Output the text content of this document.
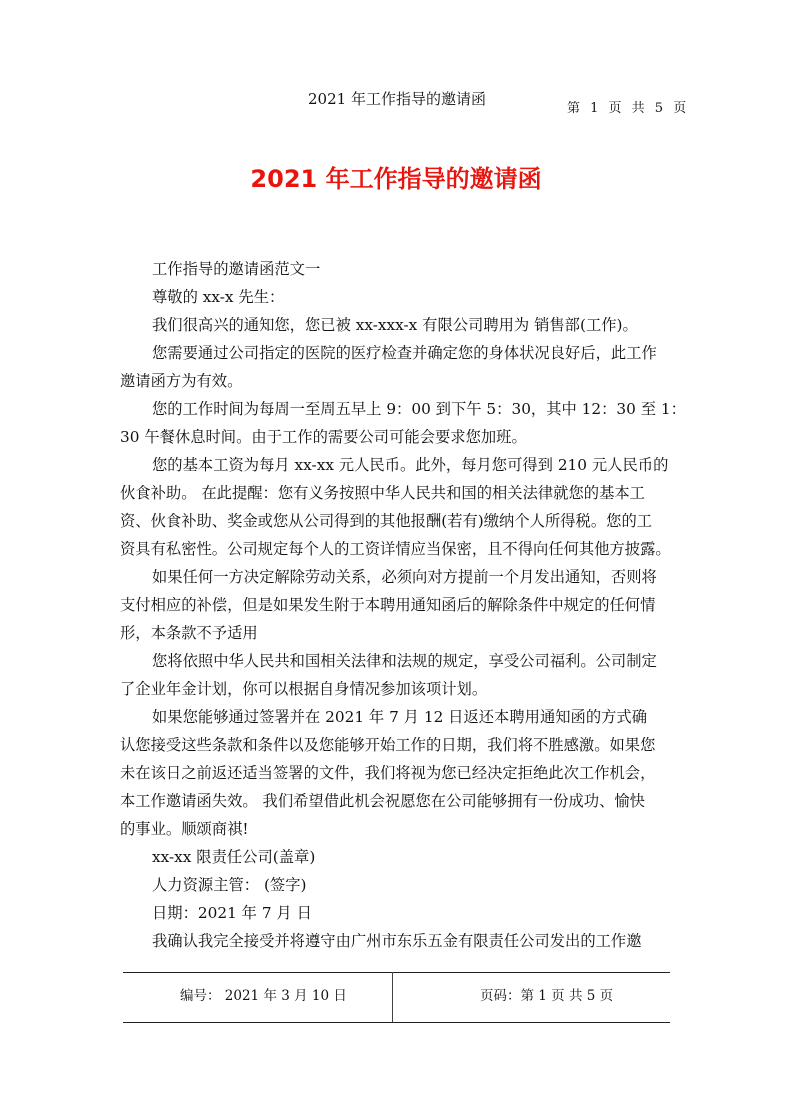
2021 年工作指导的邀请函
第 1 页 共 5 页
2021 年工作指导的邀请函
工作指导的邀请函范文一
尊敬的 xx-x 先生：
我们很高兴的通知您，您已被 xx-xxx-x 有限公司聘用为 销售部(工作)。
您需要通过公司指定的医院的医疗检查并确定您的身体状况良好后，此工作
邀请函方为有效。
您的工作时间为每周一至周五早上 9：00 到下午 5：30，其中 12：30 至 1：
30 午餐休息时间。由于工作的需要公司可能会要求您加班。
您的基本工资为每月 xx-xx 元人民币。此外，每月您可得到 210 元人民币的
伙食补助。 在此提醒：您有义务按照中华人民共和国的相关法律就您的基本工
资、伙食补助、奖金或您从公司得到的其他报酬(若有)缴纳个人所得税。您的工
资具有私密性。公司规定每个人的工资详情应当保密，且不得向任何其他方披露。
如果任何一方决定解除劳动关系，必须向对方提前一个月发出通知，否则将
支付相应的补偿，但是如果发生附于本聘用通知函后的解除条件中规定的任何情
形，本条款不予适用
您将依照中华人民共和国相关法律和法规的规定，享受公司福利。公司制定
了企业年金计划，你可以根据自身情况参加该项计划。
如果您能够通过签署并在 2021 年 7 月 12 日返还本聘用通知函的方式确
认您接受这些条款和条件以及您能够开始工作的日期，我们将不胜感激。如果您
未在该日之前返还适当签署的文件，我们将视为您已经决定拒绝此次工作机会，
本工作邀请函失效。 我们希望借此机会祝愿您在公司能够拥有一份成功、愉快
的事业。顺颂商祺!
xx-xx 限责任公司(盖章)
人力资源主管： (签字)
日期：2021 年 7 月 日
我确认我完全接受并将遵守由广州市东乐五金有限责任公司发出的工作邀
编号： 2021 年 3 月 10 日	页码：第 1 页 共 5 页
